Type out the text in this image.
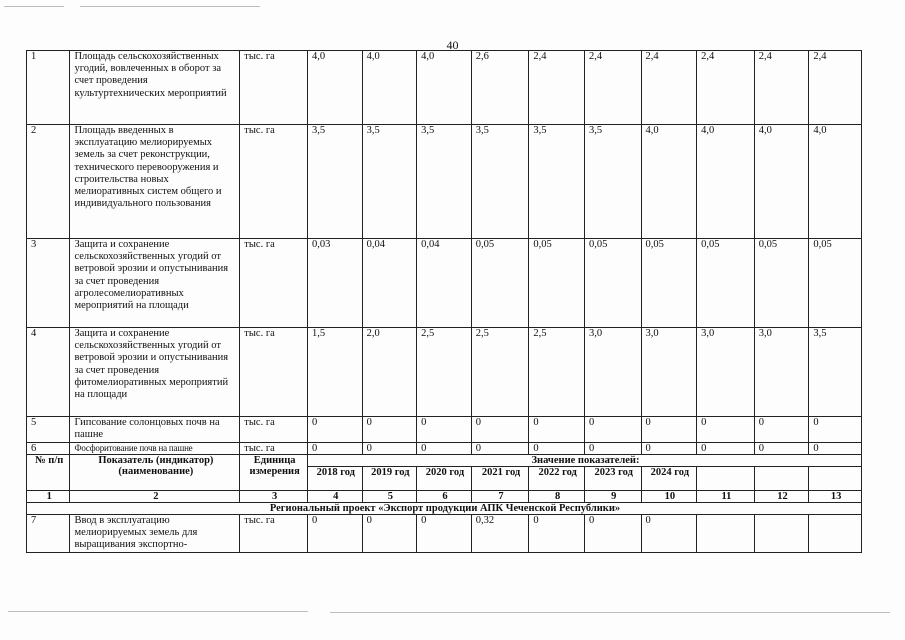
40
1	Площадь сельскохозяйственных угодий, вовлеченных в оборот за счет проведения культуртехнических мероприятий	тыс. га	4,0	4,0	4,0	2,6	2,4	2,4	2,4	2,4	2,4	2,4
2	Площадь введенных в эксплуатацию мелиорируемых земель за счет реконструкции, технического перевооружения и строительства новых мелиоративных систем общего и индивидуального пользования	тыс. га	3,5	3,5	3,5	3,5	3,5	3,5	4,0	4,0	4,0	4,0
3	Защита и сохранение сельскохозяйственных угодий от ветровой эрозии и опустынивания за счет проведения агролесомелиоративных мероприятий на площади	тыс. га	0,03	0,04	0,04	0,05	0,05	0,05	0,05	0,05	0,05	0,05
4	Защита и сохранение сельскохозяйственных угодий от ветровой эрозии и опустынивания за счет проведения фитомелиоративных мероприятий на площади	тыс. га	1,5	2,0	2,5	2,5	2,5	3,0	3,0	3,0	3,0	3,5
5	Гипсование солонцовых почв на пашне	тыс. га	0	0	0	0	0	0	0	0	0	0
6	Фосфоритование почв на пашне	тыс. га	0	0	0	0	0	0	0	0	0	0
№ п/п	Показатель (индикатор) (наименование)	Единица измерения	Значение показателей:									
			2018 год	2019 год	2020 год	2021 год	2022 год	2023 год	2024 год			
1	2	3	4	5	6	7	8	9	10	11	12	13
Региональный проект «Экспорт продукции АПК Чеченской Республики»												
7	Ввод в эксплуатацию мелиорируемых земель для выращивания экспортно-	тыс. га	0	0	0	0,32	0	0	0			
